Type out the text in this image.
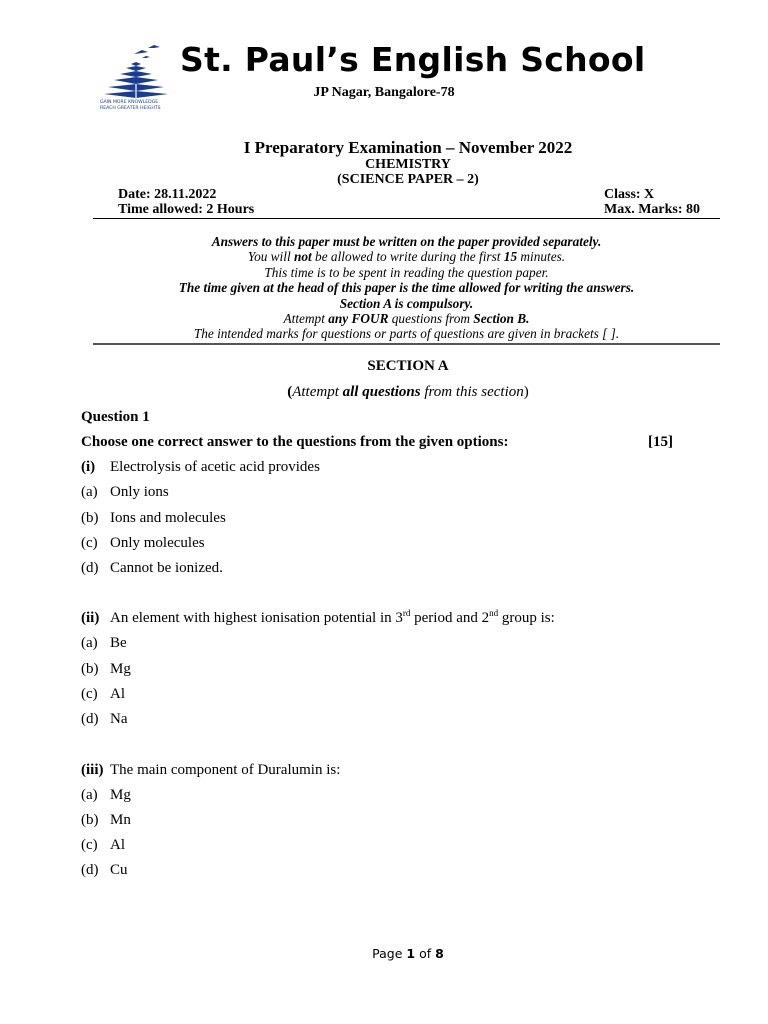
GAIN MORE KNOWLEDGE
REACH GREATER HEIGHTS
St. Paul’s English School
JP Nagar, Bangalore-78
I Preparatory Examination – November 2022
CHEMISTRY
(SCIENCE PAPER – 2)
Date: 28.11.2022	Class: X
Time allowed: 2 Hours	Max. Marks: 80
Answers to this paper must be written on the paper provided separately.
You will not be allowed to write during the first 15 minutes.
This time is to be spent in reading the question paper.
The time given at the head of this paper is the time allowed for writing the answers.
Section A is compulsory.
Attempt any FOUR questions from Section B.
The intended marks for questions or parts of questions are given in brackets [ ].
SECTION A
(Attempt all questions from this section)
Question 1
Choose one correct answer to the questions from the given options:	[15]
(i) Electrolysis of acetic acid provides
(a) Only ions
(b) Ions and molecules
(c) Only molecules
(d) Cannot be ionized.
(ii) An element with highest ionisation potential in 3rd period and 2nd group is:
(a) Be
(b) Mg
(c) Al
(d) Na
(iii) The main component of Duralumin is:
(a) Mg
(b) Mn
(c) Al
(d) Cu
Page 1 of 8
